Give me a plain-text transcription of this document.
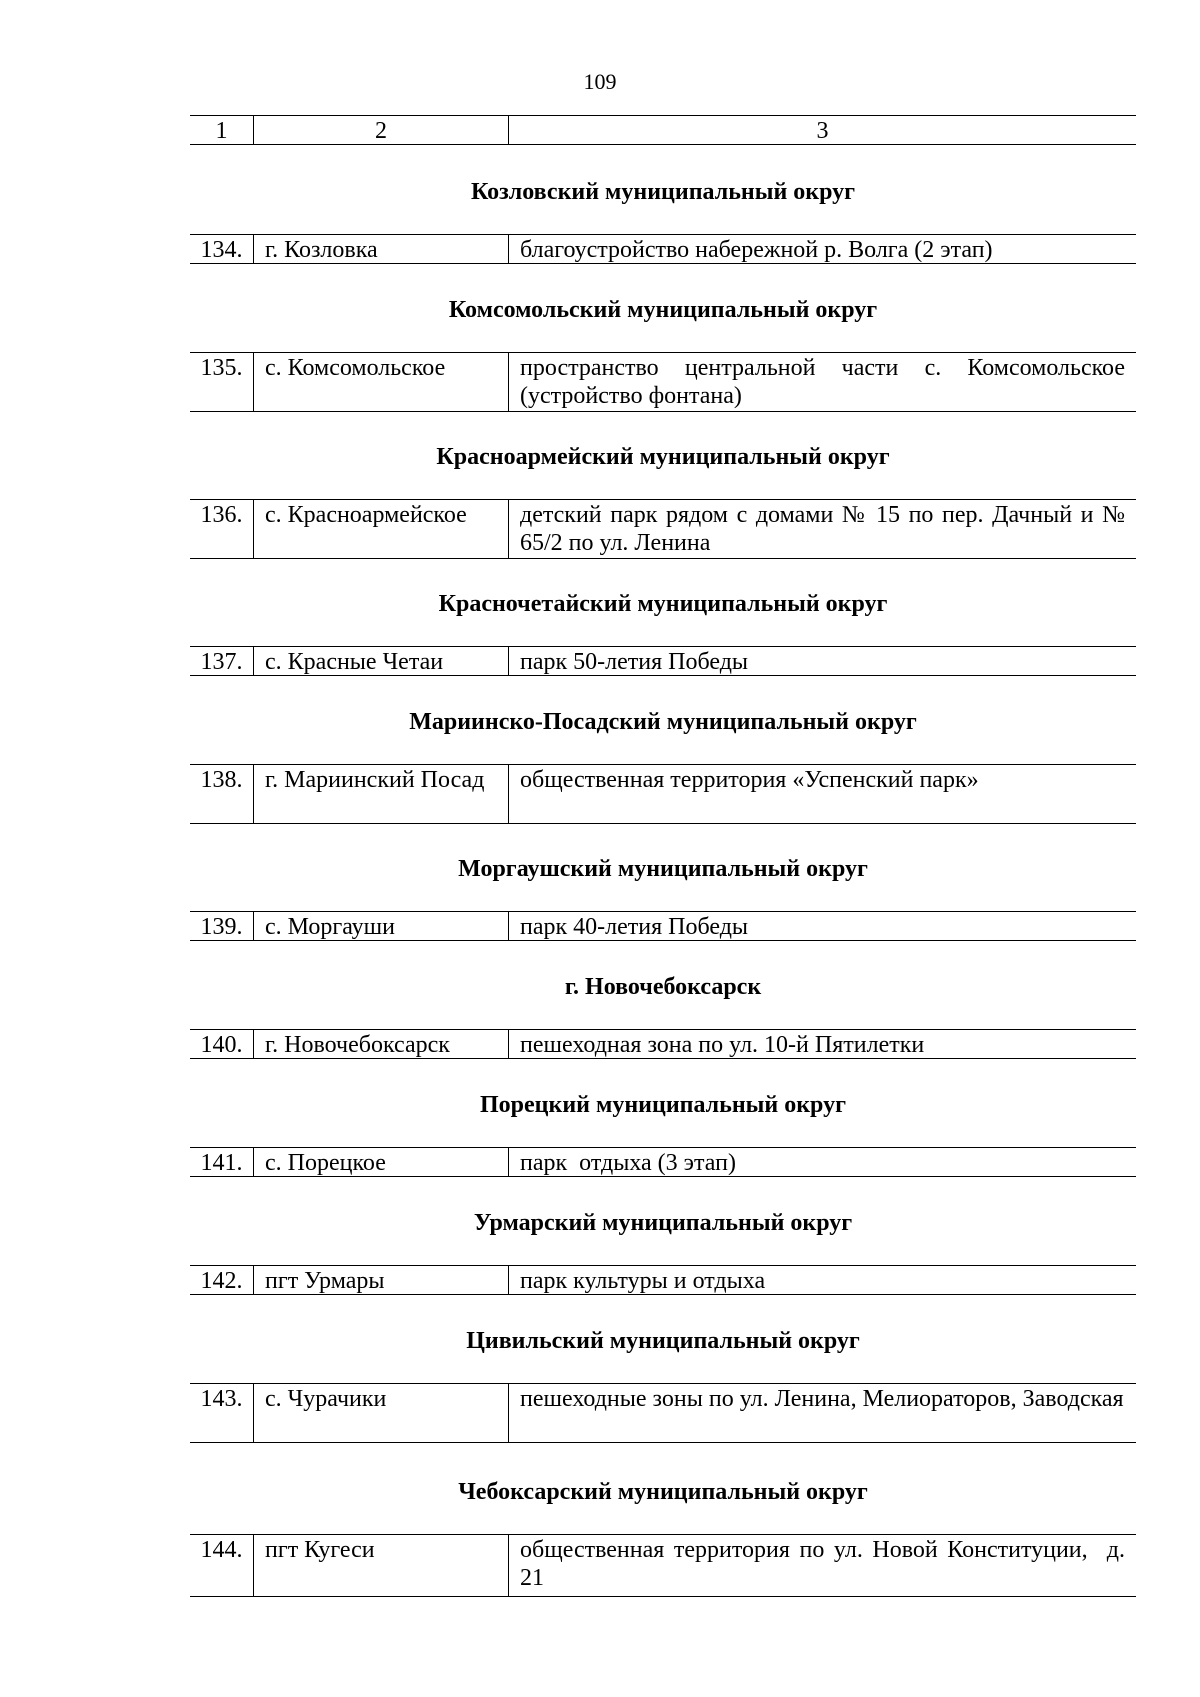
109
1	2	3
Козловский муниципальный округ
134. г. Козловка	благоустройство набережной р. Волга (2 этап)
Комсомольский муниципальный округ
135. с. Комсомольское	пространство центральной части с. Комсомольское (устройство фонтана)
Красноармейский муниципальный округ
136. с. Красноармейское	детский парк рядом с домами № 15 по пер. Дачный и № 65/2 по ул. Ленина
Красночетайский муниципальный округ
137. с. Красные Четаи	парк 50-летия Победы
Мариинско-Посадский муниципальный округ
138. г. Мариинский Посад	общественная территория «Успенский парк»
Моргаушский муниципальный округ
139. с. Моргауши	парк 40-летия Победы
г. Новочебоксарск
140. г. Новочебоксарск	пешеходная зона по ул. 10-й Пятилетки
Порецкий муниципальный округ
141. с. Порецкое	парк  отдыха (3 этап)
Урмарский муниципальный округ
142. пгт Урмары	парк культуры и отдыха
Цивильский муниципальный округ
143. с. Чурачики	пешеходные зоны по ул. Ленина, Мелиораторов, Заводская
Чебоксарский муниципальный округ
144. пгт Кугеси	общественная территория по ул. Новой Конституции,  д. 21
